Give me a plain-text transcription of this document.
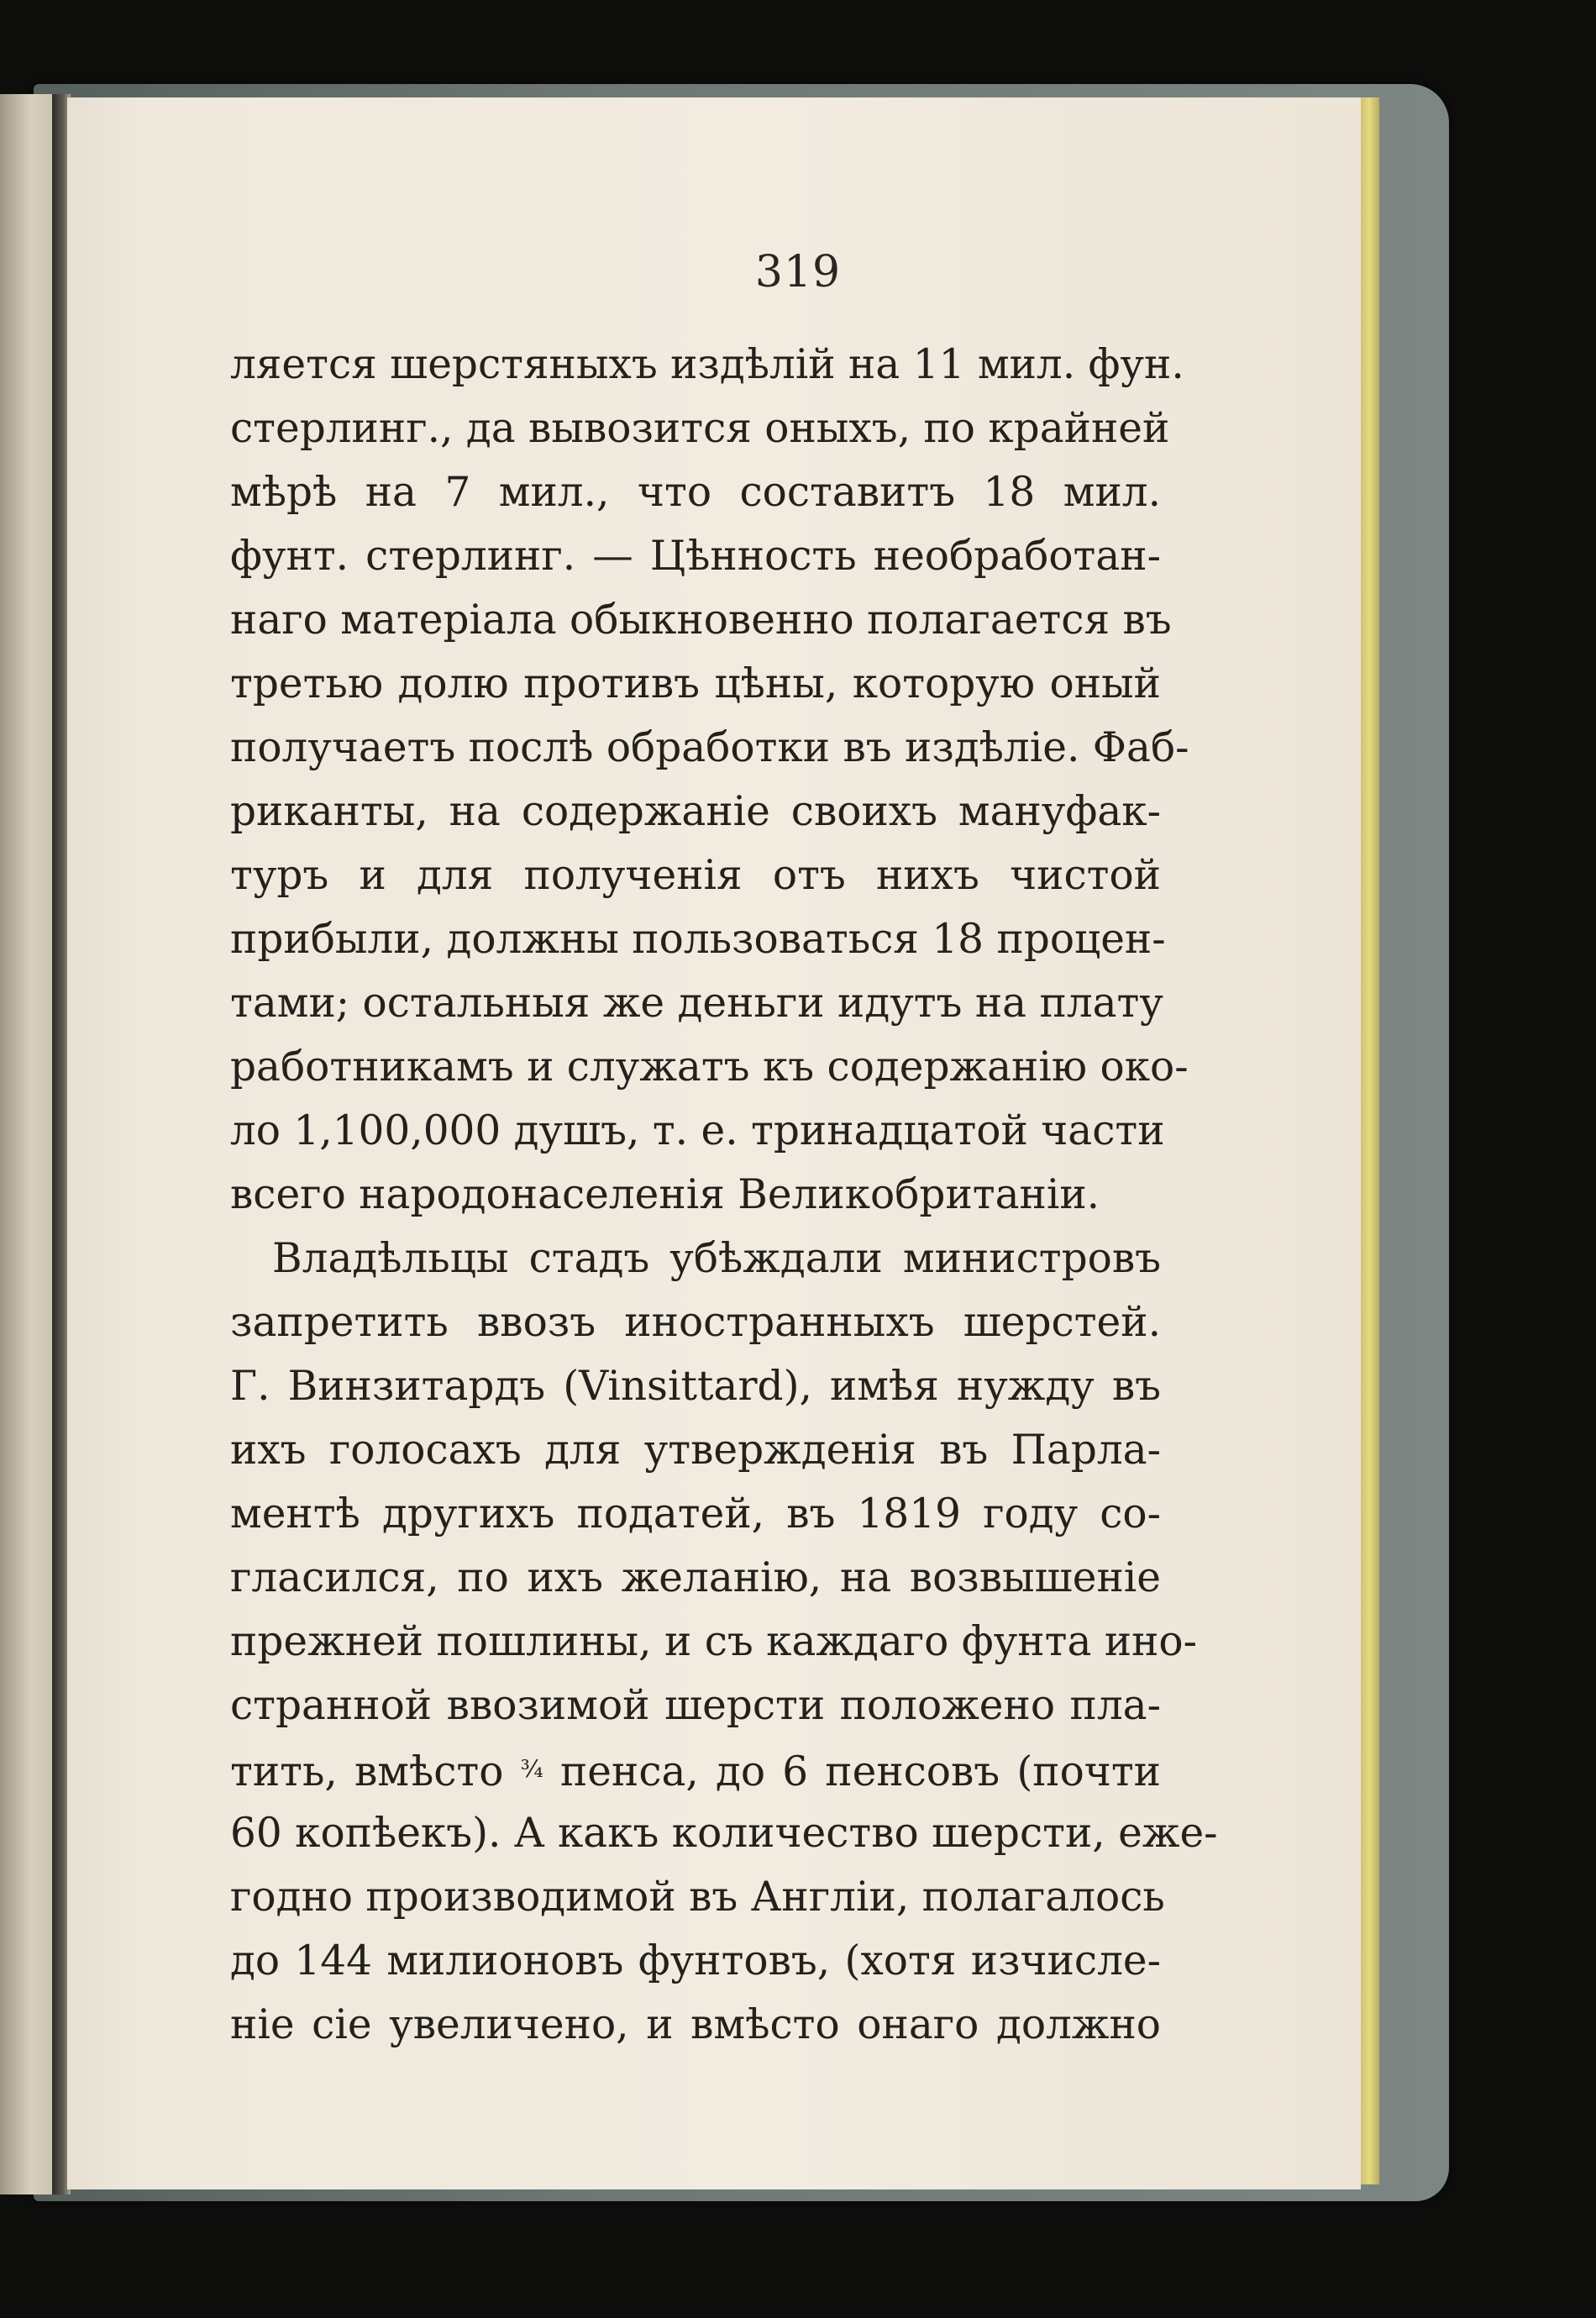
319
ляется шерстяныхъ издѣлій на 11 мил. фун.
стерлинг., да вывозится оныхъ, по крайней
мѣрѣ на 7 мил., что составитъ 18 мил.
фунт. стерлинг. — Цѣнность необработан-
наго матеріала обыкновенно полагается въ
третью долю противъ цѣны, которую оный
получаетъ послѣ обработки въ издѣліе. Фаб-
риканты, на содержаніе своихъ мануфак-
туръ и для полученія отъ нихъ чистой
прибыли, должны пользоваться 18 процен-
тами; остальныя же деньги идутъ на плату
работникамъ и служатъ къ содержанію око-
ло 1,100,000 душъ, т. е. тринадцатой части
всего народонаселенія Великобританіи.
Владѣльцы стадъ убѣждали министровъ
запретить ввозъ иностранныхъ шерстей.
Г. Винзитардъ (Vinsittard), имѣя нужду въ
ихъ голосахъ для утвержденія въ Парла-
ментѣ другихъ податей, въ 1819 году со-
гласился, по ихъ желанію, на возвышеніе
прежней пошлины, и съ каждаго фунта ино-
странной ввозимой шерсти положено пла-
тить, вмѣсто $^{\frac{3}{4}}$ пенса, до 6 пенсовъ (почти
60 копѣекъ). А какъ количество шерсти, еже-
годно производимой въ Англіи, полагалось
до 144 милионовъ фунтовъ, (хотя изчисле-
ніе сіе увеличено, и вмѣсто онаго должно
